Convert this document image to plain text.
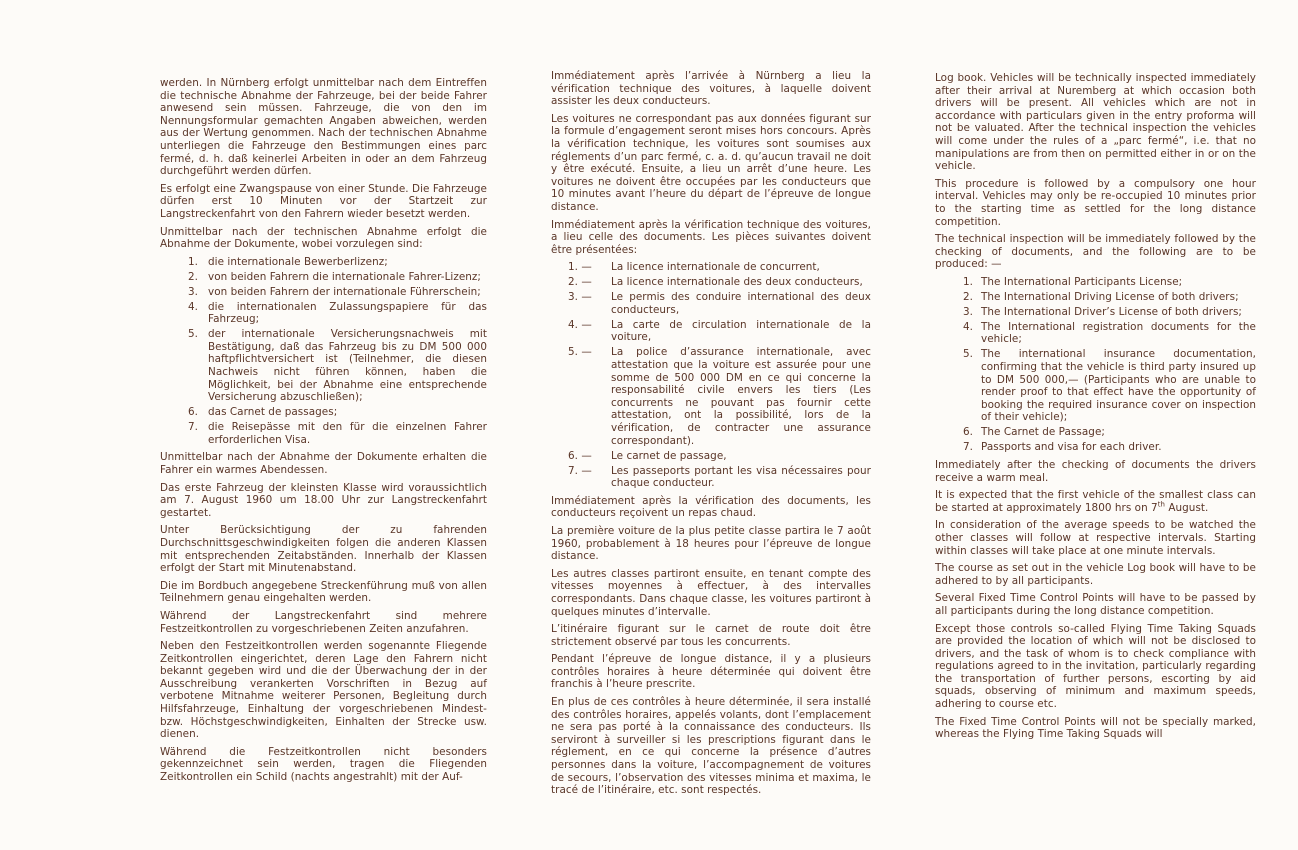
werden. In Nürnberg erfolgt unmittelbar nach dem Eintreffen die technische Abnahme der Fahrzeuge, bei der beide Fahrer anwesend sein müssen. Fahrzeuge, die von den im Nennungsformular gemachten Angaben abweichen, werden aus der Wertung genommen. Nach der technischen Abnahme unterliegen die Fahrzeuge den Bestimmungen eines parc fermé, d. h. daß keinerlei Arbeiten in oder an dem Fahrzeug durchgeführt werden dürfen.

Es erfolgt eine Zwangspause von einer Stunde. Die Fahrzeuge dürfen erst 10 Minuten vor der Startzeit zur Langstreckenfahrt von den Fahrern wieder besetzt werden.

Unmittelbar nach der technischen Abnahme erfolgt die Abnahme der Dokumente, wobei vorzulegen sind:

1. die internationale Bewerberlizenz;
2. von beiden Fahrern die internationale Fahrer-Lizenz;
3. von beiden Fahrern der internationale Führerschein;
4. die internationalen Zulassungspapiere für das Fahrzeug;
5. der internationale Versicherungsnachweis mit Bestätigung, daß das Fahrzeug bis zu DM 500 000 haftpflichtversichert ist (Teilnehmer, die diesen Nachweis nicht führen können, haben die Möglichkeit, bei der Abnahme eine entsprechende Versicherung abzuschließen);
6. das Carnet de passages;
7. die Reisepässe mit den für die einzelnen Fahrer erforderlichen Visa.

Unmittelbar nach der Abnahme der Dokumente erhalten die Fahrer ein warmes Abendessen.

Das erste Fahrzeug der kleinsten Klasse wird voraussichtlich am 7. August 1960 um 18.00 Uhr zur Langstreckenfahrt gestartet.

Unter Berücksichtigung der zu fahrenden Durchschnittsgeschwindigkeiten folgen die anderen Klassen mit entsprechenden Zeitabständen. Innerhalb der Klassen erfolgt der Start mit Minutenabstand.

Die im Bordbuch angegebene Streckenführung muß von allen Teilnehmern genau eingehalten werden.

Während der Langstreckenfahrt sind mehrere Festzeitkontrollen zu vorgeschriebenen Zeiten anzufahren.

Neben den Festzeitkontrollen werden sogenannte Fliegende Zeitkontrollen eingerichtet, deren Lage den Fahrern nicht bekannt gegeben wird und die der Überwachung der in der Ausschreibung verankerten Vorschriften in Bezug auf verbotene Mitnahme weiterer Personen, Begleitung durch Hilfsfahrzeuge, Einhaltung der vorgeschriebenen Mindest- bzw. Höchstgeschwindigkeiten, Einhalten der Strecke usw. dienen.

Während die Festzeitkontrollen nicht besonders gekennzeichnet sein werden, tragen die Fliegenden Zeitkontrollen ein Schild (nachts angestrahlt) mit der Auf-

Immédiatement après l’arrivée à Nürnberg a lieu la vérification technique des voitures, à laquelle doivent assister les deux conducteurs.

Les voitures ne correspondant pas aux données figurant sur la formule d’engagement seront mises hors concours. Après la vérification technique, les voitures sont soumises aux réglements d’un parc fermé, c. a. d. qu’aucun travail ne doit y être exécuté. Ensuite, a lieu un arrêt d’une heure. Les voitures ne doivent être occupées par les conducteurs que 10 minutes avant l’heure du départ de l’épreuve de longue distance.

Immédiatement après la vérification technique des voitures, a lieu celle des documents. Les pièces suivantes doivent être présentées:

1. —	La licence internationale de concurrent,
2. —	La licence internationale des deux conducteurs,
3. —	Le permis des conduire international des deux conducteurs,
4. —	La carte de circulation internationale de la voiture,
5. —	La police d’assurance internationale, avec attestation que la voiture est assurée pour une somme de 500 000 DM en ce qui concerne la responsabilité civile envers les tiers (Les concurrents ne pouvant pas fournir cette attestation, ont la possibilité, lors de la vérification, de contracter une assurance correspondant).
6. —	Le carnet de passage,
7. —	Les passeports portant les visa nécessaires pour chaque conducteur.

Immédiatement après la vérification des documents, les conducteurs reçoivent un repas chaud.

La première voiture de la plus petite classe partira le 7 août 1960, probablement à 18 heures pour l’épreuve de longue distance.

Les autres classes partiront ensuite, en tenant compte des vitesses moyennes à effectuer, à des intervalles correspondants. Dans chaque classe, les voitures partiront à quelques minutes d’intervalle.

L’itinéraire figurant sur le carnet de route doit être strictement observé par tous les concurrents.

Pendant l’épreuve de longue distance, il y a plusieurs contrôles horaires à heure déterminée qui doivent être franchis à l’heure prescrite.

En plus de ces contrôles à heure déterminée, il sera installé des contrôles horaires, appelés volants, dont l’emplacement ne sera pas porté à la connaissance des conducteurs. Ils serviront à surveiller si les prescriptions figurant dans le réglement, en ce qui concerne la présence d’autres personnes dans la voiture, l’accompagnement de voitures de secours, l’observation des vitesses minima et maxima, le tracé de l’itinéraire, etc. sont respectés.

Log book. Vehicles will be technically inspected immediately after their arrival at Nuremberg at which occasion both drivers will be present. All vehicles which are not in accordance with particulars given in the entry proforma will not be valuated. After the technical inspection the vehicles will come under the rules of a „parc fermé“, i.e. that no manipulations are from then on permitted either in or on the vehicle.

This procedure is followed by a compulsory one hour interval. Vehicles may only be re-occupied 10 minutes prior to the starting time as settled for the long distance competition.

The technical inspection will be immediately followed by the checking of documents, and the following are to be produced: —

1. The International Participants License;
2. The International Driving License of both drivers;
3. The International Driver’s License of both drivers;
4. The International registration documents for the vehicle;
5. The international insurance documentation, confirming that the vehicle is third party insured up to DM 500 000,— (Participants who are unable to render proof to that effect have the opportunity of booking the required insurance cover on inspection of their vehicle);
6. The Carnet de Passage;
7. Passports and visa for each driver.

Immediately after the checking of documents the drivers receive a warm meal.

It is expected that the first vehicle of the smallest class can be started at approximately 1800 hrs on 7th August.

In consideration of the average speeds to be watched the other classes will follow at respective intervals. Starting within classes will take place at one minute intervals.

The course as set out in the vehicle Log book will have to be adhered to by all participants.

Several Fixed Time Control Points will have to be passed by all participants during the long distance competition.

Except those controls so-called Flying Time Taking Squads are provided the location of which will not be disclosed to drivers, and the task of whom is to check compliance with regulations agreed to in the invitation, particularly regarding the transportation of further persons, escorting by aid squads, observing of minimum and maximum speeds, adhering to course etc.

The Fixed Time Control Points will not be specially marked, whereas the Flying Time Taking Squads will
